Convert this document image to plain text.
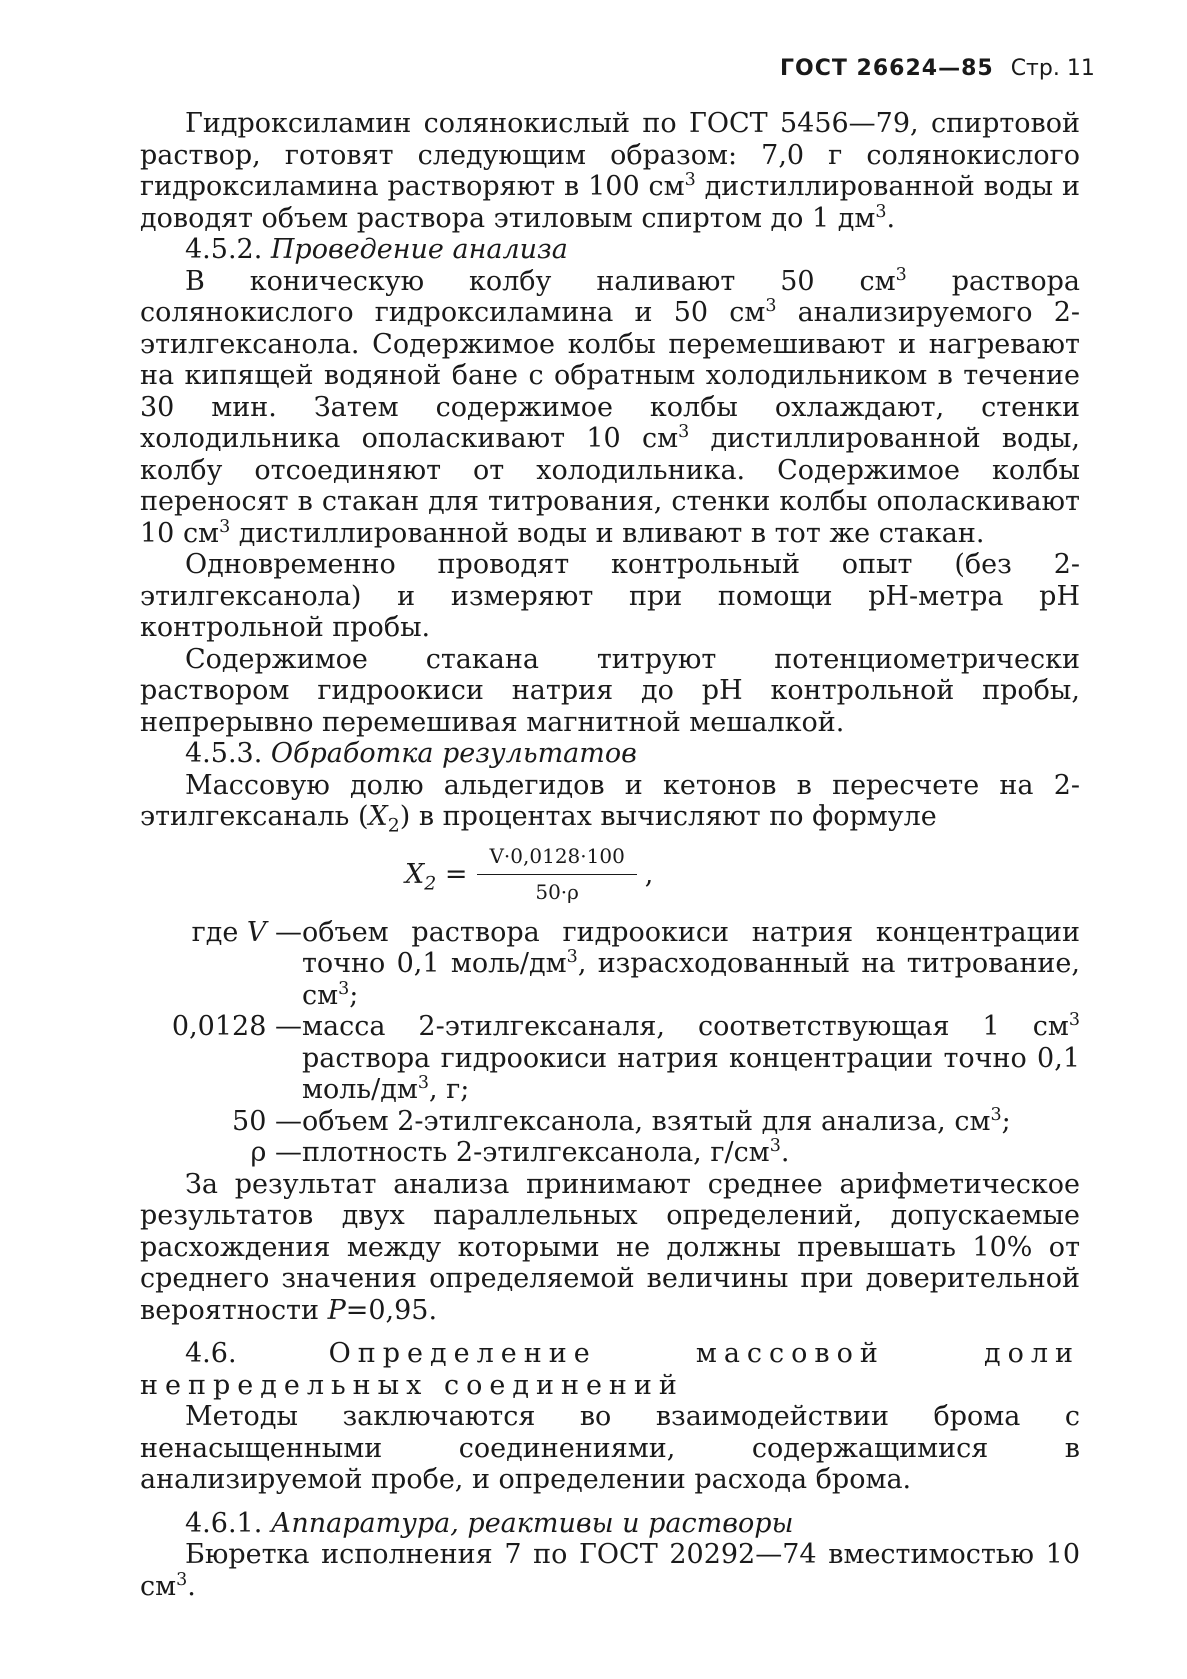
ГОСТ 26624—85 Стр. 11

Гидроксиламин солянокислый по ГОСТ 5456—79, спиртовой раствор, готовят следующим образом: 7,0 г солянокислого гидроксиламина растворяют в 100 $см^3$ дистиллированной воды и доводят объем раствора этиловым спиртом до 1 $дм^3$.

4.5.2. Проведение анализа

В коническую колбу наливают 50 $см^3$ раствора солянокислого гидроксиламина и 50 $см^3$ анализируемого 2-этилгексанола. Содержимое колбы перемешивают и нагревают на кипящей водяной бане с обратным холодильником в течение 30 мин. Затем содержимое колбы охлаждают, стенки холодильника ополаскивают 10 $см^3$ дистиллированной воды, колбу отсоединяют от холодильника. Содержимое колбы переносят в стакан для титрования, стенки колбы ополаскивают 10 $см^3$ дистиллированной воды и вливают в тот же стакан.

Одновременно проводят контрольный опыт (без 2-этилгексанола) и измеряют при помощи pH-метра pH контрольной пробы.

Содержимое стакана титруют потенциометрически раствором гидроокиси натрия до pH контрольной пробы, непрерывно перемешивая магнитной мешалкой.

4.5.3. Обработка результатов

Массовую долю альдегидов и кетонов в пересчете на 2-этилгексаналь $(X_2)$ в процентах вычисляют по формуле

$X_2 = \frac{V\cdot 0,0128\cdot 100}{50\cdot\rho}$ ,
где V — объем раствора гидроокиси натрия концентрации точно 0,1 моль/$дм^3$, израсходованный на титрование, $см^3$;
0,0128 — масса 2-этилгексаналя, соответствующая 1 $см^3$ раствора гидроокиси натрия концентрации точно 0,1 моль/$дм^3$, г;
50 — объем 2-этилгексанола, взятый для анализа, $см^3$;
ρ — плотность 2-этилгексанола, $г/см^3$.

За результат анализа принимают среднее арифметическое результатов двух параллельных определений, допускаемые расхождения между которыми не должны превышать 10% от среднего значения определяемой величины при доверительной вероятности P=0,95.

4.6.	Определение массовой доли непредельных соединений

Методы заключаются во взаимодействии брома с ненасыщенными соединениями, содержащимися в анализируемой пробе, и определении расхода брома.

4.6.1. Аппаратура, реактивы и растворы

Бюретка исполнения 7 по ГОСТ 20292—74 вместимостью 10 $см^3$.
